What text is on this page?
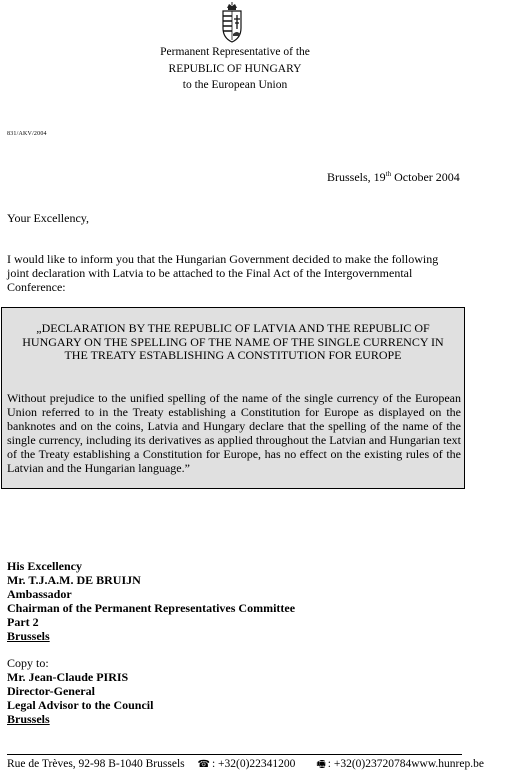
Permanent Representative of the
REPUBLIC OF HUNGARY
to the European Union
831/AKV/2004
Brussels, 19th October 2004
Your Excellency,
I would like to inform you that the Hungarian Government decided to make the following joint declaration with Latvia to be attached to the Final Act of the Intergovernmental Conference:
„DECLARATION BY THE REPUBLIC OF LATVIA AND THE REPUBLIC OF HUNGARY ON THE SPELLING OF THE NAME OF THE SINGLE CURRENCY IN THE TREATY ESTABLISHING A CONSTITUTION FOR EUROPE
Without prejudice to the unified spelling of the name of the single currency of the European Union referred to in the Treaty establishing a Constitution for Europe as displayed on the banknotes and on the coins, Latvia and Hungary declare that the spelling of the name of the single currency, including its derivatives as applied throughout the Latvian and Hungarian text of the Treaty establishing a Constitution for Europe, has no effect on the existing rules of the Latvian and the Hungarian language.”
His Excellency
Mr. T.J.A.M. DE BRUIJN
Ambassador
Chairman of the Permanent Representatives Committee
Part 2
Brussels
Copy to:
Mr. Jean-Claude PIRIS
Director-General
Legal Advisor to the Council
Brussels
Rue de Trèves, 92-98 B-1040 Brussels ☎ : +32(0)22341200 🖷 : +32(0)23720784www.hunrep.be
